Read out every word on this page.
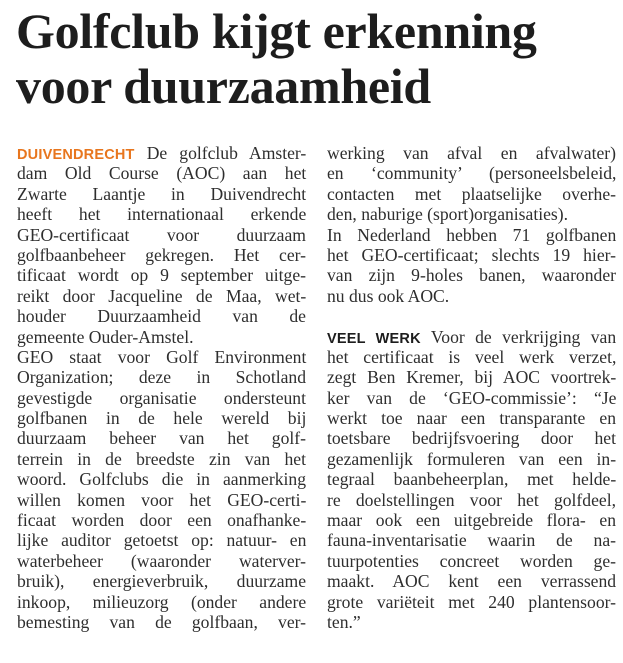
Golfclub kijgt erkenning
voor duurzaamheid
DUIVENDRECHT De golfclub Amster-
dam Old Course (AOC) aan het
Zwarte Laantje in Duivendrecht
heeft het internationaal erkende
GEO-certificaat voor duurzaam
golfbaanbeheer gekregen. Het cer-
tificaat wordt op 9 september uitge-
reikt door Jacqueline de Maa, wet-
houder Duurzaamheid van de
gemeente Ouder-Amstel.
GEO staat voor Golf Environment
Organization; deze in Schotland
gevestigde organisatie ondersteunt
golfbanen in de hele wereld bij
duurzaam beheer van het golf-
terrein in de breedste zin van het
woord. Golfclubs die in aanmerking
willen komen voor het GEO-certi-
ficaat worden door een onafhanke-
lijke auditor getoetst op: natuur- en
waterbeheer (waaronder waterver-
bruik), energieverbruik, duurzame
inkoop, milieuzorg (onder andere
bemesting van de golfbaan, ver-
werking van afval en afvalwater)
en ‘community’ (personeelsbeleid,
contacten met plaatselijke overhe-
den, naburige (sport)organisaties).
In Nederland hebben 71 golfbanen
het GEO-certificaat; slechts 19 hier-
van zijn 9-holes banen, waaronder
nu dus ook AOC.
VEEL WERK Voor de verkrijging van
het certificaat is veel werk verzet,
zegt Ben Kremer, bij AOC voortrek-
ker van de ‘GEO-commissie’: “Je
werkt toe naar een transparante en
toetsbare bedrijfsvoering door het
gezamenlijk formuleren van een in-
tegraal baanbeheerplan, met helde-
re doelstellingen voor het golfdeel,
maar ook een uitgebreide flora- en
fauna-inventarisatie waarin de na-
tuurpotenties concreet worden ge-
maakt. AOC kent een verrassend
grote variëteit met 240 plantensoor-
ten.”
